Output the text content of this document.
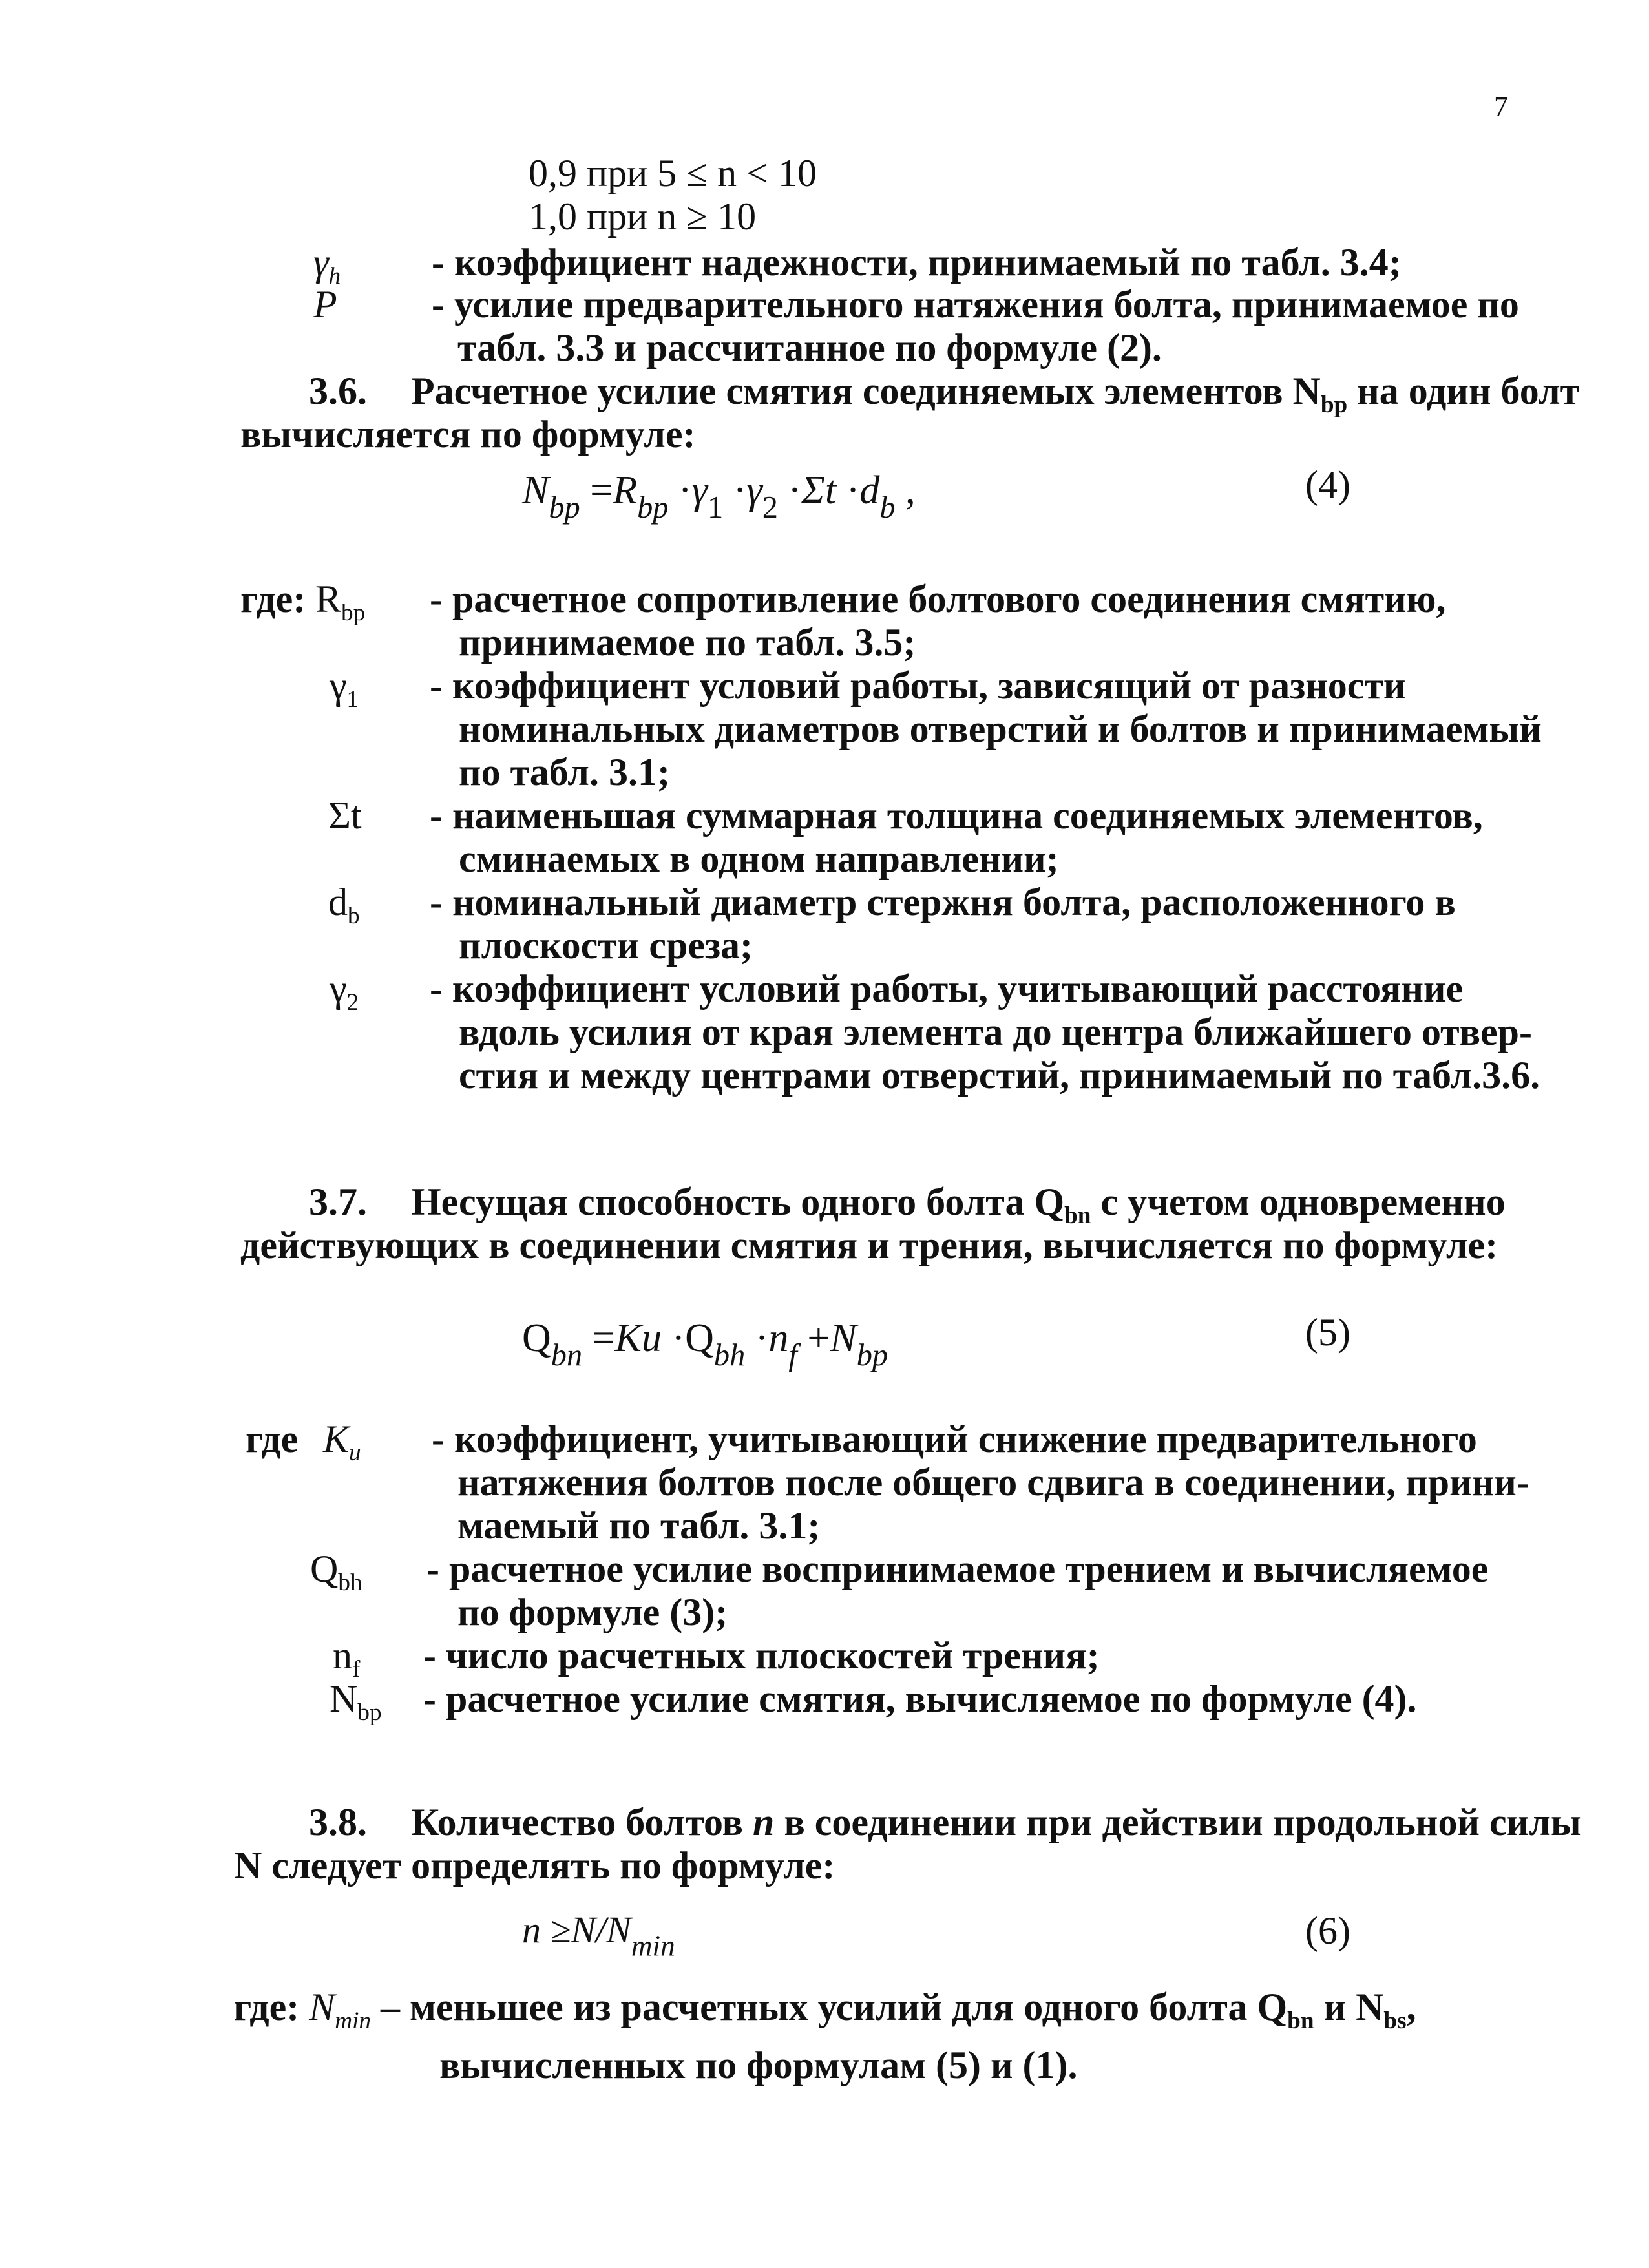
7
0,9 при 5 ≤ n < 10
1,0 при n ≥ 10
$\gamma_h$ - коэффициент надежности, принимаемый по табл. 3.4;
P - усилие предварительного натяжения болта, принимаемое по
табл. 3.3 и рассчитанное по формуле (2).
3.6. Расчетное усилие смятия соединяемых элементов $N_{bp}$ на один болт
вычисляется по формуле:
$N_{bp} =R_{bp} \cdot\gamma_1 \cdot\gamma_2 \cdot\Sigma t \cdot d_b$ ,	(4)
где: $R_{bp}$ - расчетное сопротивление болтового соединения смятию,
принимаемое по табл. 3.5;
$\gamma_1$ - коэффициент условий работы, зависящий от разности
номинальных диаметров отверстий и болтов и принимаемый
по табл. 3.1;
Σt - наименьшая суммарная толщина соединяемых элементов,
сминаемых в одном направлении;
$d_b$ - номинальный диаметр стержня болта, расположенного в
плоскости среза;
$\gamma_2$ - коэффициент условий работы, учитывающий расстояние
вдоль усилия от края элемента до центра ближайшего отвер-
стия и между центрами отверстий, принимаемый по табл.3.6.
3.7. Несущая способность одного болта $Q_{bn}$ с учетом одновременно
действующих в соединении смятия и трения, вычисляется по формуле:
$Q_{bn} =Ku \cdot Q_{bh} \cdot n_f +N_{bp}$
(5)
где $K_u$ - коэффициент, учитывающий снижение предварительного
натяжения болтов после общего сдвига в соединении, прини-
маемый по табл. 3.1;
$Q_{bh}$ - расчетное усилие воспринимаемое трением и вычисляемое
по формуле (3);
$n_f$ - число расчетных плоскостей трения;
$N_{bp}$ - расчетное усилие смятия, вычисляемое по формуле (4).
3.8. Количество болтов n в соединении при действии продольной силы
N следует определять по формуле:
$n \ge N/N_{min}$	(6)
где: $N_{min}$ – меньшее из расчетных усилий для одного болта $Q_{bn}$ и $N_{bs}$,
вычисленных по формулам (5) и (1).
